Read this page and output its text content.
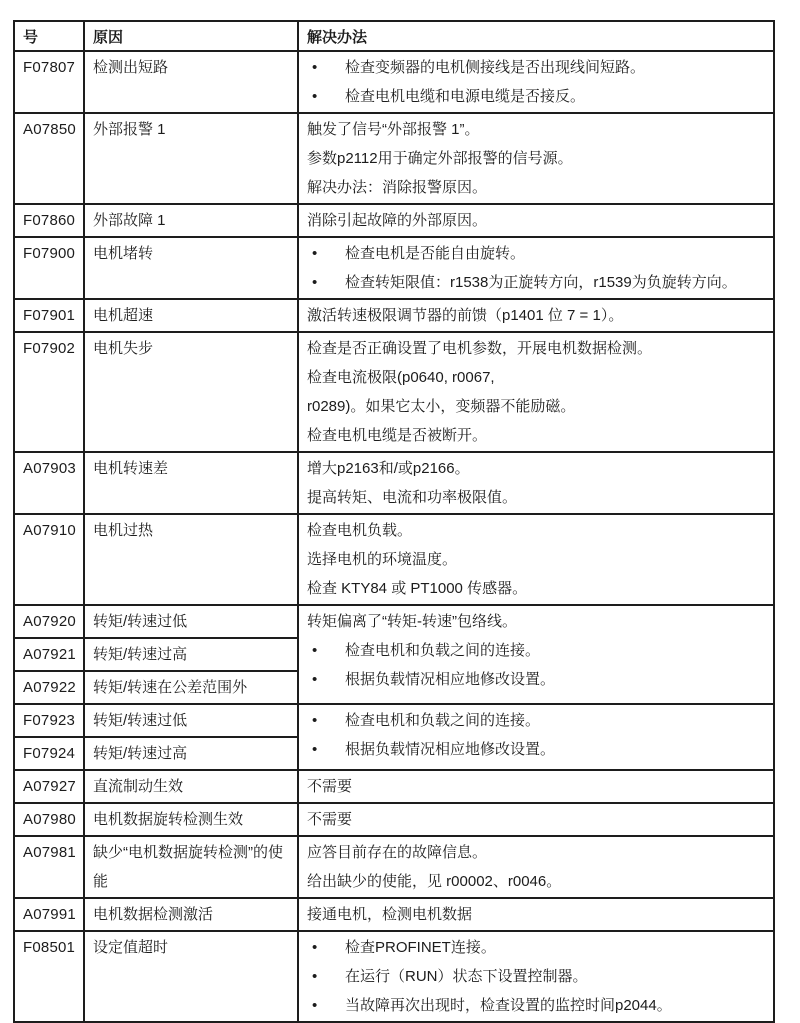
号	原因	解决办法
F07807	检测出短路	• 检查变频器的电机侧接线是否出现线间短路。
• 检查电机电缆和电源电缆是否接反。

A07850	外部报警 1	触发了信号“外部报警 1”。
参数p2112用于确定外部报警的信号源。
解决办法：消除报警原因。

F07860	外部故障 1	消除引起故障的外部原因。

F07900	电机堵转	• 检查电机是否能自由旋转。
• 检查转矩限值：r1538为正旋转方向，r1539为负旋转方向。

F07901	电机超速	激活转速极限调节器的前馈（p1401 位 7 = 1）。

F07902	电机失步	检查是否正确设置了电机参数，开展电机数据检测。
检查电流极限(p0640, r0067,
r0289)。如果它太小，变频器不能励磁。
检查电机电缆是否被断开。

A07903	电机转速差	增大p2163和/或p2166。
提高转矩、电流和功率极限值。

A07910	电机过热	检查电机负载。
选择电机的环境温度。
检查 KTY84 或 PT1000 传感器。

A07920	转矩/转速过低	转矩偏离了“转矩-转速”包络线。
• 检查电机和负载之间的连接。
• 根据负载情况相应地修改设置。

A07921	转矩/转速过高	
A07922	转矩/转速在公差范围外	
F07923	转矩/转速过低	• 检查电机和负载之间的连接。
• 根据负载情况相应地修改设置。

F07924	转矩/转速过高	
A07927	直流制动生效	不需要

A07980	电机数据旋转检测生效	不需要

A07981	缺少“电机数据旋转检测”的使能	应答目前存在的故障信息。
给出缺少的使能，见 r00002、r0046。

A07991	电机数据检测激活	接通电机，检测电机数据

F08501	设定值超时	•	检查PROFINET连接。
•	在运行（RUN）状态下设置控制器。
•	当故障再次出现时，检查设置的监控时间p2044。
